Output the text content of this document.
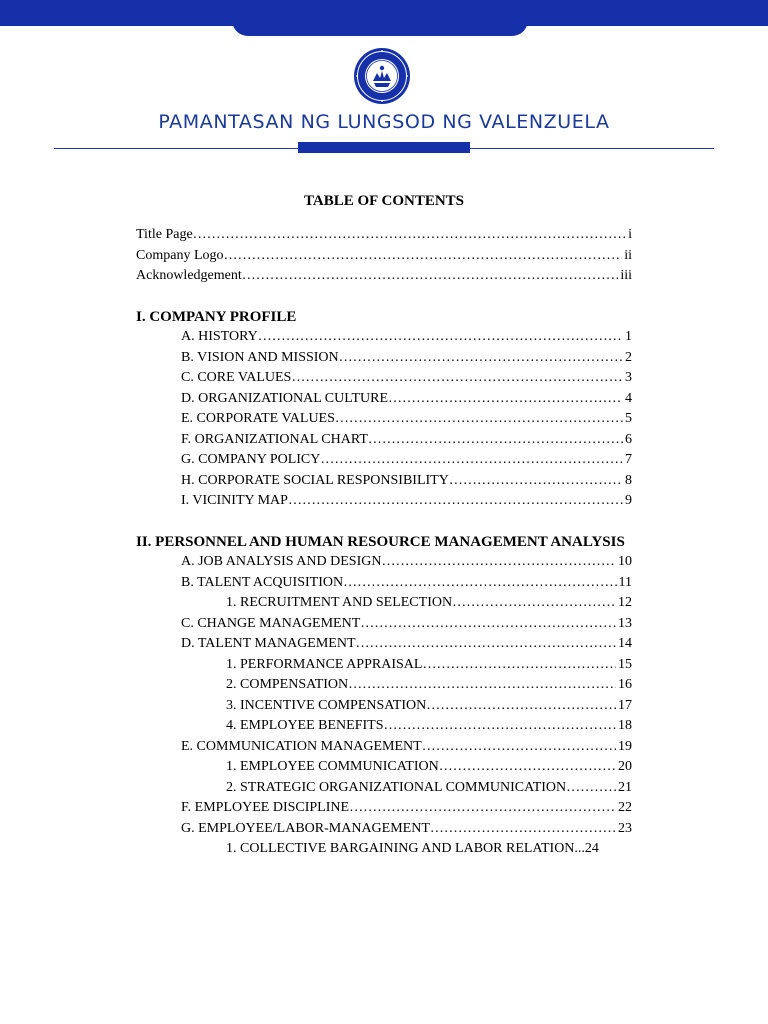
PAMANTASAN NG LUNGSOD NG VALENZUELA
TABLE OF CONTENTS
Title Page …………………………………………………………………………………………………………………………………………	i
Company Logo …………………………………………………………………………………………………………………………………………	ii
Acknowledgement …………………………………………………………………………………………………………………………………………	iii
I. COMPANY PROFILE
A. HISTORY …………………………………………………………………………………………………………………………………………	1
B. VISION AND MISSION …………………………………………………………………………………………………………………………………………	2
C. CORE VALUES …………………………………………………………………………………………………………………………………………	3
D. ORGANIZATIONAL CULTURE …………………………………………………………………………………………………………………………………………	4
E. CORPORATE VALUES …………………………………………………………………………………………………………………………………………	5
F. ORGANIZATIONAL CHART …………………………………………………………………………………………………………………………………………	6
G. COMPANY POLICY …………………………………………………………………………………………………………………………………………	7
H. CORPORATE SOCIAL RESPONSIBILITY …………………………………………………………………………………………………………………………………………	8
I. VICINITY MAP …………………………………………………………………………………………………………………………………………	9
II. PERSONNEL AND HUMAN RESOURCE MANAGEMENT ANALYSIS
A. JOB ANALYSIS AND DESIGN …………………………………………………………………………………………………………………………………………	10
B. TALENT ACQUISITION …………………………………………………………………………………………………………………………………………	11
1. RECRUITMENT AND SELECTION …………………………………………………………………………………………………………………………………………	12
C. CHANGE MANAGEMENT …………………………………………………………………………………………………………………………………………	13
D. TALENT MANAGEMENT …………………………………………………………………………………………………………………………………………	14
1. PERFORMANCE APPRAISAL …………………………………………………………………………………………………………………………………………	15
2. COMPENSATION …………………………………………………………………………………………………………………………………………	16
3. INCENTIVE COMPENSATION …………………………………………………………………………………………………………………………………………	17
4. EMPLOYEE BENEFITS …………………………………………………………………………………………………………………………………………	18
E. COMMUNICATION MANAGEMENT …………………………………………………………………………………………………………………………………………	19
1. EMPLOYEE COMMUNICATION …………………………………………………………………………………………………………………………………………	20
2. STRATEGIC ORGANIZATIONAL COMMUNICATION …………………………………………………………………………………………………………………………………………	21
F. EMPLOYEE DISCIPLINE …………………………………………………………………………………………………………………………………………	22
G. EMPLOYEE/LABOR-MANAGEMENT …………………………………………………………………………………………………………………………………………	23
1. COLLECTIVE BARGAINING AND LABOR RELATION... 24
